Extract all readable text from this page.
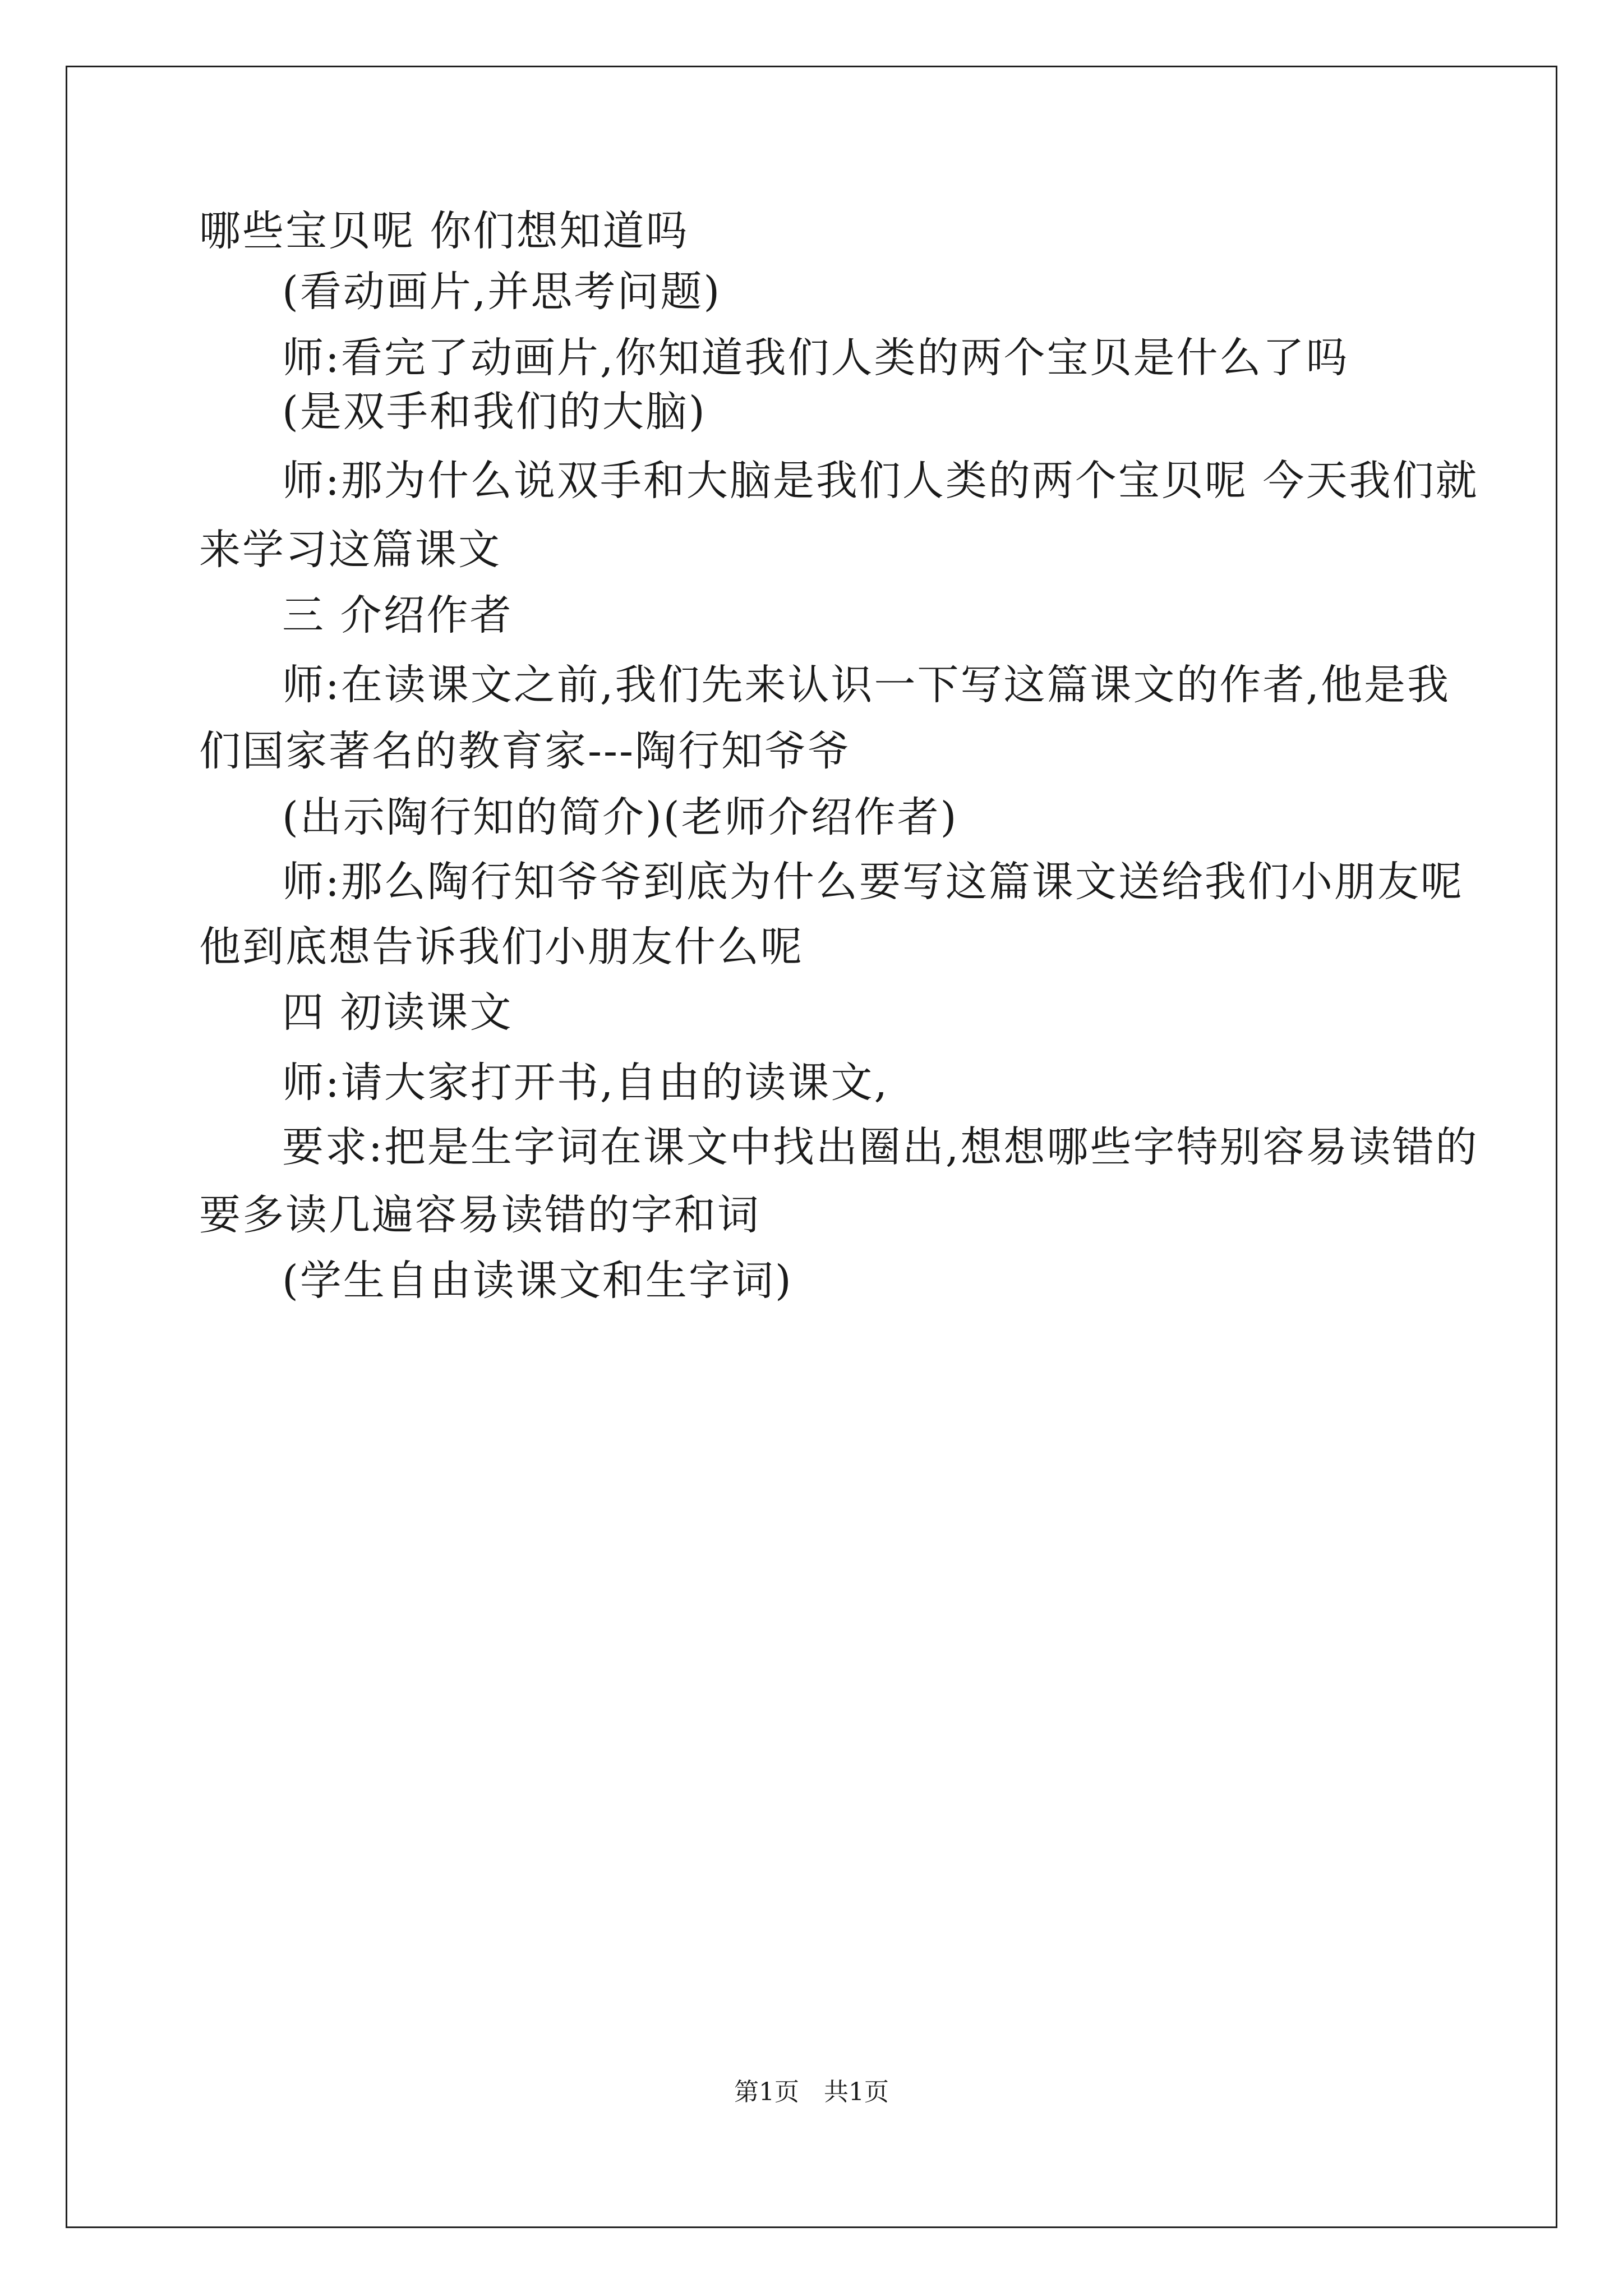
哪些宝贝呢 你们想知道吗

(看动画片,并思考问题)

师:看完了动画片,你知道我们人类的两个宝贝是什么了吗

(是双手和我们的大脑)

师:那为什么说双手和大脑是我们人类的两个宝贝呢 今天我们就

来学习这篇课文

三 介绍作者

师:在读课文之前,我们先来认识一下写这篇课文的作者,他是我

们国家著名的教育家---陶行知爷爷

(出示陶行知的简介)(老师介绍作者)

师:那么陶行知爷爷到底为什么要写这篇课文送给我们小朋友呢

他到底想告诉我们小朋友什么呢

四 初读课文

师:请大家打开书,自由的读课文,

要求:把是生字词在课文中找出圈出,想想哪些字特别容易读错的

要多读几遍容易读错的字和词

(学生自由读课文和生字词)

第1页　共1页
